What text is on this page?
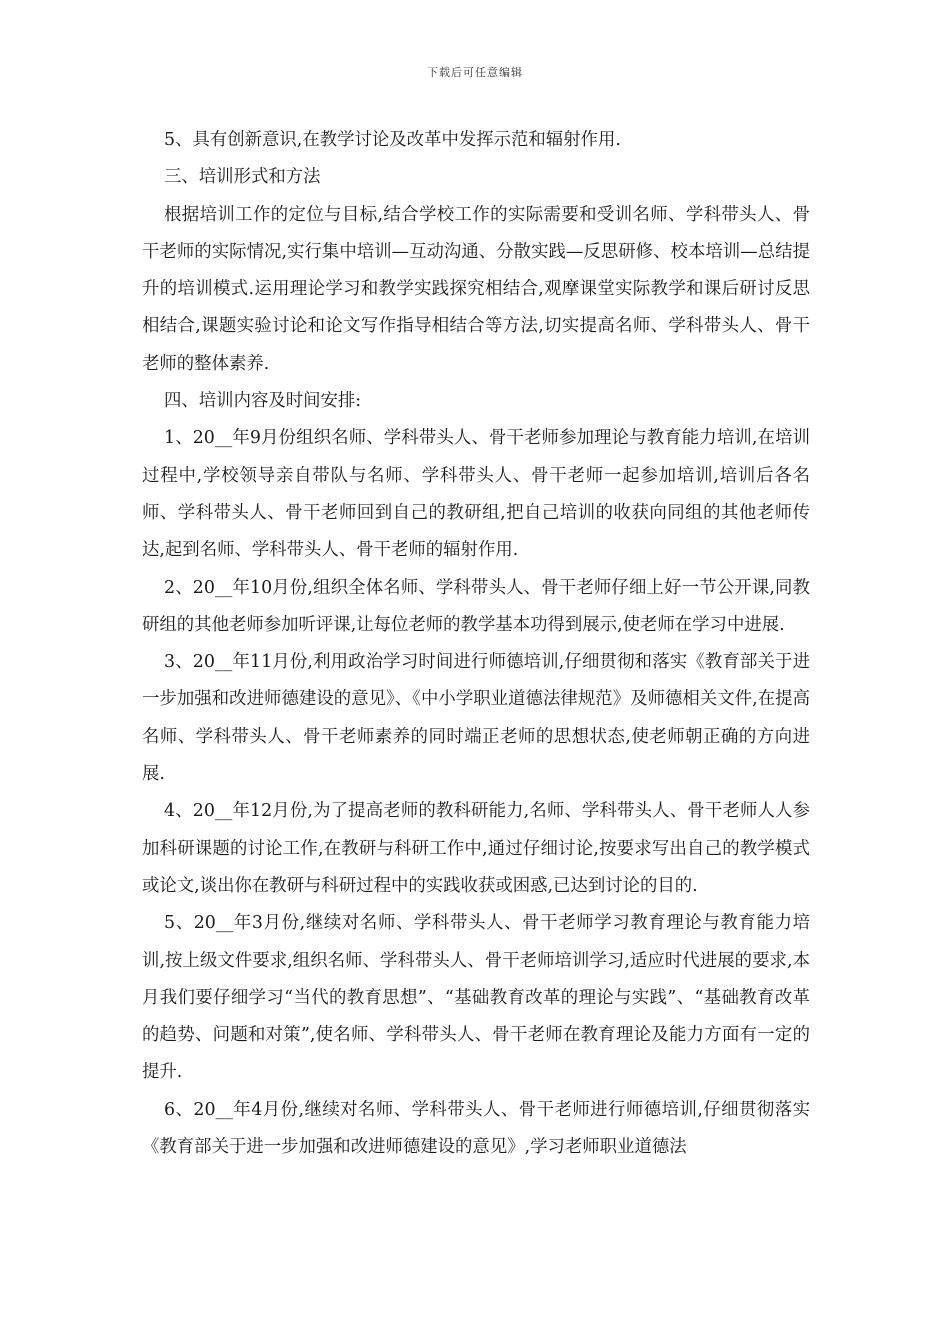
下载后可任意编辑

5、具有创新意识,在教学讨论及改革中发挥示范和辐射作用.

三、培训形式和方法

根据培训工作的定位与目标,结合学校工作的实际需要和受训名师、学科带头人、骨干老师的实际情况,实行集中培训—互动沟通、分散实践—反思研修、校本培训—总结提升的培训模式.运用理论学习和教学实践探究相结合,观摩课堂实际教学和课后研讨反思相结合,课题实验讨论和论文写作指导相结合等方法,切实提高名师、学科带头人、骨干老师的整体素养.

四、培训内容及时间安排:

1、20__年9月份组织名师、学科带头人、骨干老师参加理论与教育能力培训,在培训过程中,学校领导亲自带队与名师、学科带头人、骨干老师一起参加培训,培训后各名师、学科带头人、骨干老师回到自己的教研组,把自己培训的收获向同组的其他老师传达,起到名师、学科带头人、骨干老师的辐射作用.

2、20__年10月份,组织全体名师、学科带头人、骨干老师仔细上好一节公开课,同教研组的其他老师参加听评课,让每位老师的教学基本功得到展示,使老师在学习中进展.

3、20__年11月份,利用政治学习时间进行师德培训,仔细贯彻和落实《教育部关于进一步加强和改进师德建设的意见》、《中小学职业道德法律规范》及师德相关文件,在提高名师、学科带头人、骨干老师素养的同时端正老师的思想状态,使老师朝正确的方向进展.

4、20__年12月份,为了提高老师的教科研能力,名师、学科带头人、骨干老师人人参加科研课题的讨论工作,在教研与科研工作中,通过仔细讨论,按要求写出自己的教学模式或论文,谈出你在教研与科研过程中的实践收获或困惑,已达到讨论的目的.

5、20__年3月份,继续对名师、学科带头人、骨干老师学习教育理论与教育能力培训,按上级文件要求,组织名师、学科带头人、骨干老师培训学习,适应时代进展的要求,本月我们要仔细学习“当代的教育思想”、“基础教育改革的理论与实践”、“基础教育改革的趋势、问题和对策”,使名师、学科带头人、骨干老师在教育理论及能力方面有一定的提升.

6、20__年4月份,继续对名师、学科带头人、骨干老师进行师德培训,仔细贯彻落实《教育部关于进一步加强和改进师德建设的意见》,学习老师职业道德法
